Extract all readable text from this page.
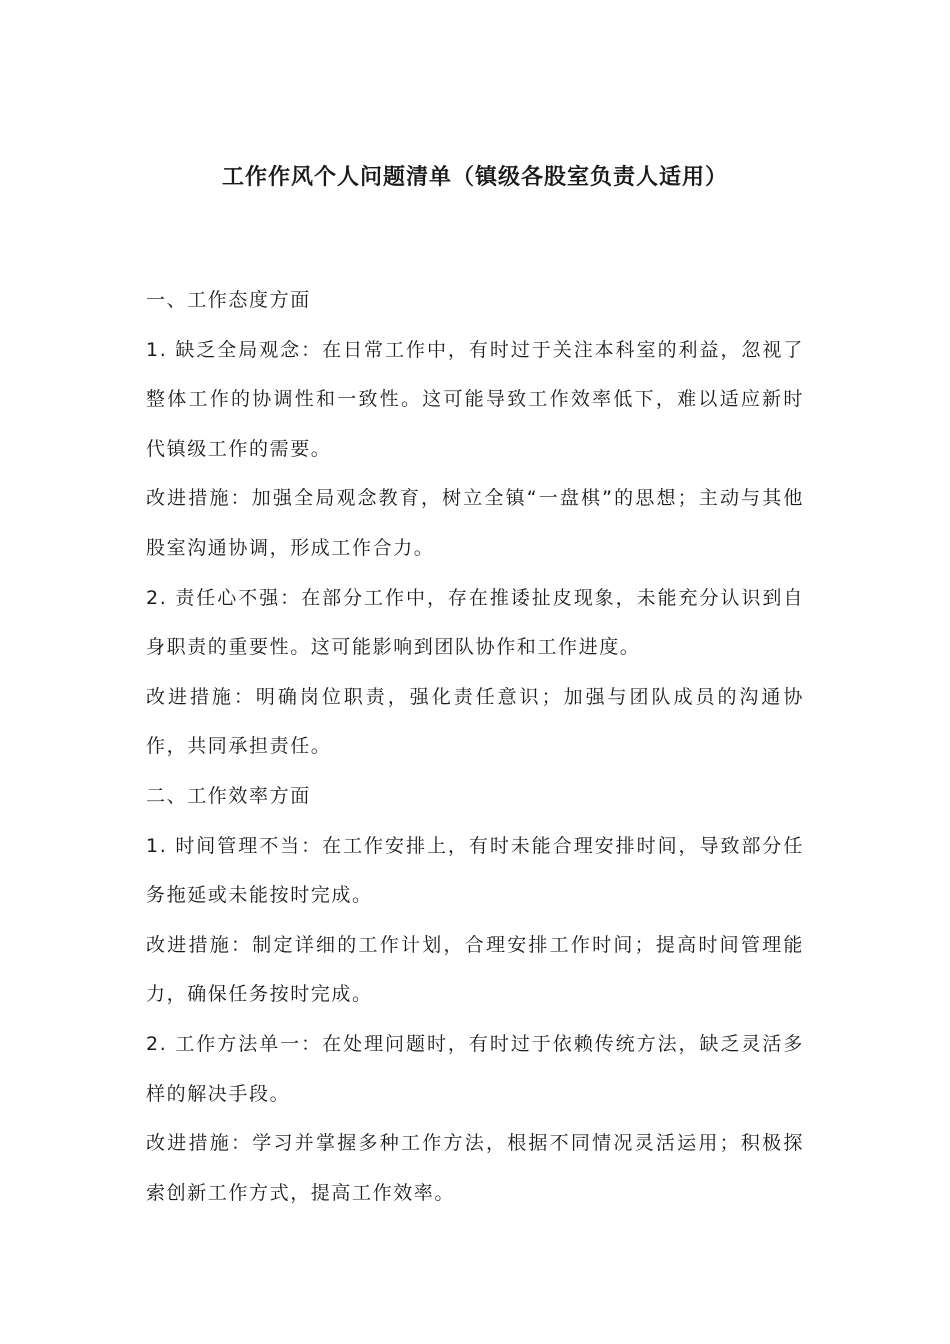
工作作风个人问题清单（镇级各股室负责人适用）

一、工作态度方面

1. 缺乏全局观念：在日常工作中，有时过于关注本科室的利益，忽视了整体工作的协调性和一致性。这可能导致工作效率低下，难以适应新时代镇级工作的需要。

改进措施：加强全局观念教育，树立全镇“一盘棋”的思想；主动与其他股室沟通协调，形成工作合力。

2. 责任心不强：在部分工作中，存在推诿扯皮现象，未能充分认识到自身职责的重要性。这可能影响到团队协作和工作进度。

改进措施：明确岗位职责，强化责任意识；加强与团队成员的沟通协作，共同承担责任。

二、工作效率方面

1. 时间管理不当：在工作安排上，有时未能合理安排时间，导致部分任务拖延或未能按时完成。

改进措施：制定详细的工作计划，合理安排工作时间；提高时间管理能力，确保任务按时完成。

2. 工作方法单一：在处理问题时，有时过于依赖传统方法，缺乏灵活多样的解决手段。

改进措施：学习并掌握多种工作方法，根据不同情况灵活运用；积极探索创新工作方式，提高工作效率。
